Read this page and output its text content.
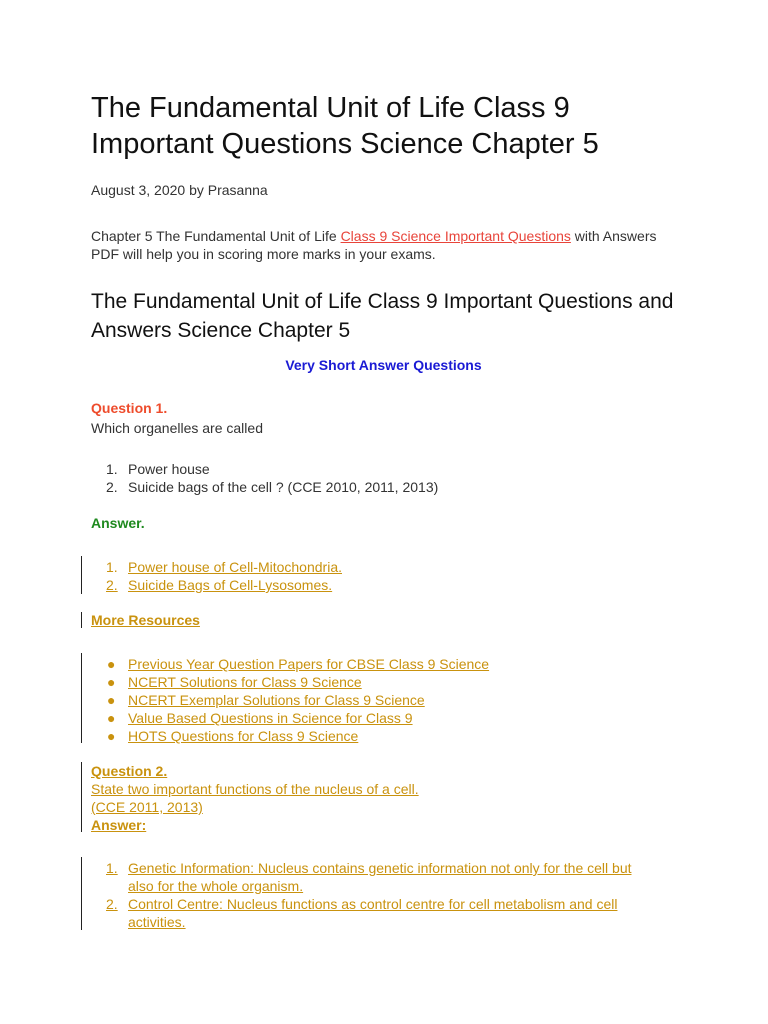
The Fundamental Unit of Life Class 9 Important Questions Science Chapter 5
August 3, 2020 by Prasanna

Chapter 5 The Fundamental Unit of Life Class 9 Science Important Questions with Answers PDF will help you in scoring more marks in your exams.

The Fundamental Unit of Life Class 9 Important Questions and Answers Science Chapter 5
Very Short Answer Questions
Question 1.
Which organelles are called
1. Power house
2. Suicide bags of the cell ? (CCE 2010, 2011, 2013)
Answer.
1. Power house of Cell-Mitochondria.
2. Suicide Bags of Cell-Lysosomes.
More Resources
● Previous Year Question Papers for CBSE Class 9 Science
● NCERT Solutions for Class 9 Science
● NCERT Exemplar Solutions for Class 9 Science
● Value Based Questions in Science for Class 9
● HOTS Questions for Class 9 Science
Question 2.
State two important functions of the nucleus of a cell.
(CCE 2011, 2013)
Answer:
1. Genetic Information: Nucleus contains genetic information not only for the cell but
also for the whole organism.
2. Control Centre: Nucleus functions as control centre for cell metabolism and cell
activities.
